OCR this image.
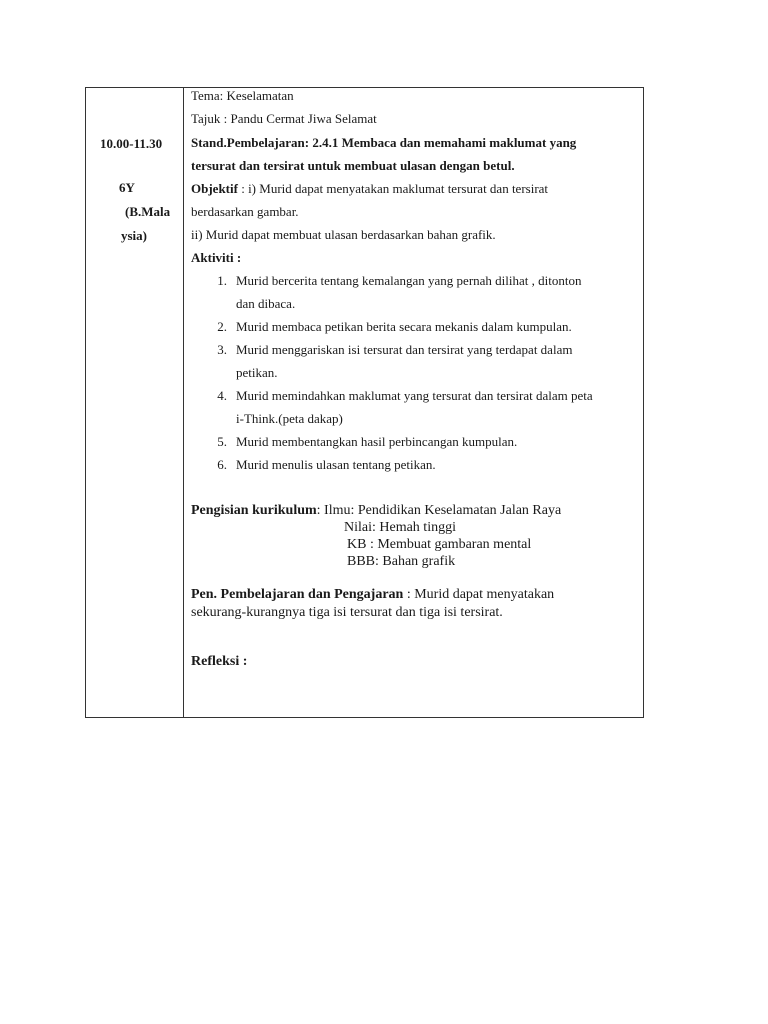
10.00-11.30
6Y
(B.Mala
ysia)
Tema: Keselamatan
Tajuk : Pandu Cermat Jiwa Selamat
Stand.Pembelajaran: 2.4.1 Membaca dan memahami maklumat yang
tersurat dan tersirat untuk membuat ulasan dengan betul.
Objektif : i) Murid dapat menyatakan maklumat tersurat dan tersirat
berdasarkan gambar.
ii) Murid dapat membuat ulasan berdasarkan bahan grafik.
Aktiviti :
1. Murid bercerita tentang kemalangan yang pernah dilihat , ditonton
dan dibaca.
2. Murid membaca petikan berita secara mekanis dalam kumpulan.
3. Murid menggariskan isi tersurat dan tersirat yang terdapat dalam
petikan.
4. Murid memindahkan maklumat yang tersurat dan tersirat dalam peta
i-Think.(peta dakap)
5. Murid membentangkan hasil perbincangan kumpulan.
6. Murid menulis ulasan tentang petikan.
Pengisian kurikulum: Ilmu: Pendidikan Keselamatan Jalan Raya
Nilai: Hemah tinggi
KB : Membuat gambaran mental
BBB: Bahan grafik
Pen. Pembelajaran dan Pengajaran : Murid dapat menyatakan
sekurang-kurangnya tiga isi tersurat dan tiga isi tersirat.
Refleksi :
